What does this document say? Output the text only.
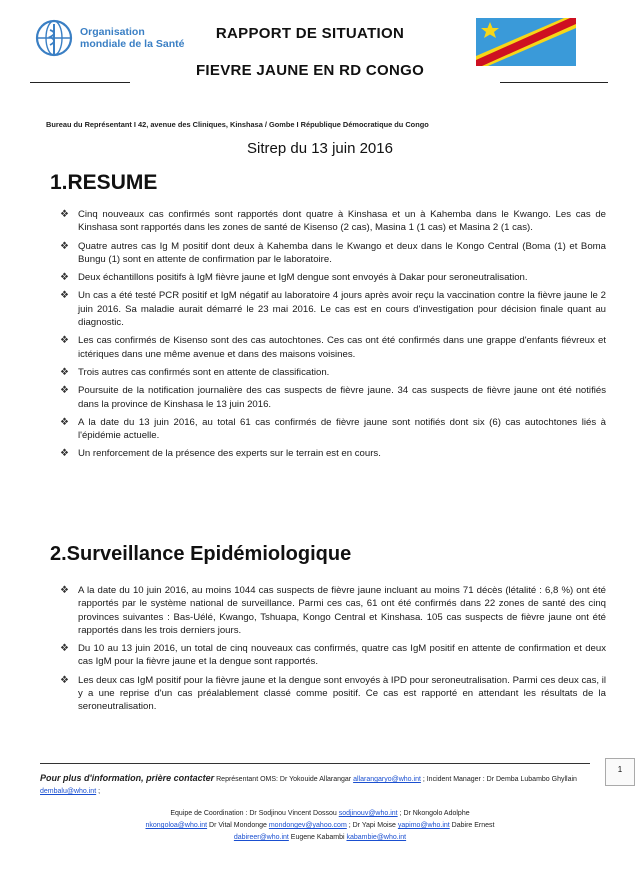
Organisation
mondiale de la Santé
RAPPORT DE SITUATION
FIEVRE JAUNE EN RD CONGO
Bureau du Représentant I 42, avenue des Cliniques, Kinshasa / Gombe I République Démocratique du Congo
Sitrep du 13 juin 2016
1.RESUME
❖ Cinq nouveaux cas confirmés sont rapportés dont quatre à Kinshasa et un à Kahemba dans le Kwango. Les cas de Kinshasa sont rapportés dans les zones de santé de Kisenso (2 cas), Masina 1 (1 cas) et Masina 2 (1 cas).
❖ Quatre autres cas Ig M positif dont deux à Kahemba dans le Kwango et deux dans le Kongo Central (Boma (1) et Boma Bungu (1) sont en attente de confirmation par le laboratoire.
❖ Deux échantillons positifs à IgM fièvre jaune et IgM dengue sont envoyés à Dakar pour seroneutralisation.
❖ Un cas a été testé PCR positif et IgM négatif au laboratoire 4 jours après avoir reçu la vaccination contre la fièvre jaune le 2 juin 2016. Sa maladie aurait démarré le 23 mai 2016. Le cas est en cours d'investigation pour décision finale quant au diagnostic.
❖ Les cas confirmés de Kisenso sont des cas autochtones. Ces cas ont été confirmés dans une grappe d'enfants fiévreux et ictériques dans une même avenue et dans des maisons voisines.
❖ Trois autres cas confirmés sont en attente de classification.
❖ Poursuite de la notification journalière des cas suspects de fièvre jaune. 34 cas suspects de fièvre jaune ont été notifiés dans la province de Kinshasa le 13 juin 2016.
❖ A la date du 13 juin 2016, au total 61 cas confirmés de fièvre jaune sont notifiés dont six (6) cas autochtones liés à l'épidémie actuelle.
❖ Un renforcement de la présence des experts sur le terrain est en cours.
2.Surveillance Epidémiologique
❖ A la date du 10 juin 2016, au moins 1044 cas suspects de fièvre jaune incluant au moins 71 décès (létalité : 6,8 %) ont été rapportés par le système national de surveillance. Parmi ces cas, 61 ont été confirmés dans 22 zones de santé des cinq provinces suivantes : Bas-Uélé, Kwango, Tshuapa, Kongo Central et Kinshasa. 105 cas suspects de fièvre jaune ont été rapportés dans les trois derniers jours.
❖ Du 10 au 13 juin 2016, un total de cinq nouveaux cas confirmés, quatre cas IgM positif en attente de confirmation et deux cas IgM pour la fièvre jaune et la dengue sont rapportés.
❖ Les deux cas IgM positif pour la fièvre jaune et la dengue sont envoyés à IPD pour seroneutralisation. Parmi ces deux cas, il y a une reprise d'un cas préalablement classé comme positif. Ce cas est rapporté en attendant les résultats de la seroneutralisation.
1
Pour plus d'information, prière contacter Représentant OMS: Dr Yokouide Allarangar allarangaryo@who.int ; Incident Manager : Dr Demba Lubambo Ghyllain dembalu@who.int ;
Equipe de Coordination : Dr Sodjinou Vincent Dossou sodjinouv@who.int ; Dr Nkongolo Adolphe
nkongoloa@who.int Dr Vital Mondonge mondongev@yahoo.com ; Dr Yapi Moise yapimo@who.int Dabire Ernest
dabireer@who.int Eugene Kabambi kabambie@who.int
